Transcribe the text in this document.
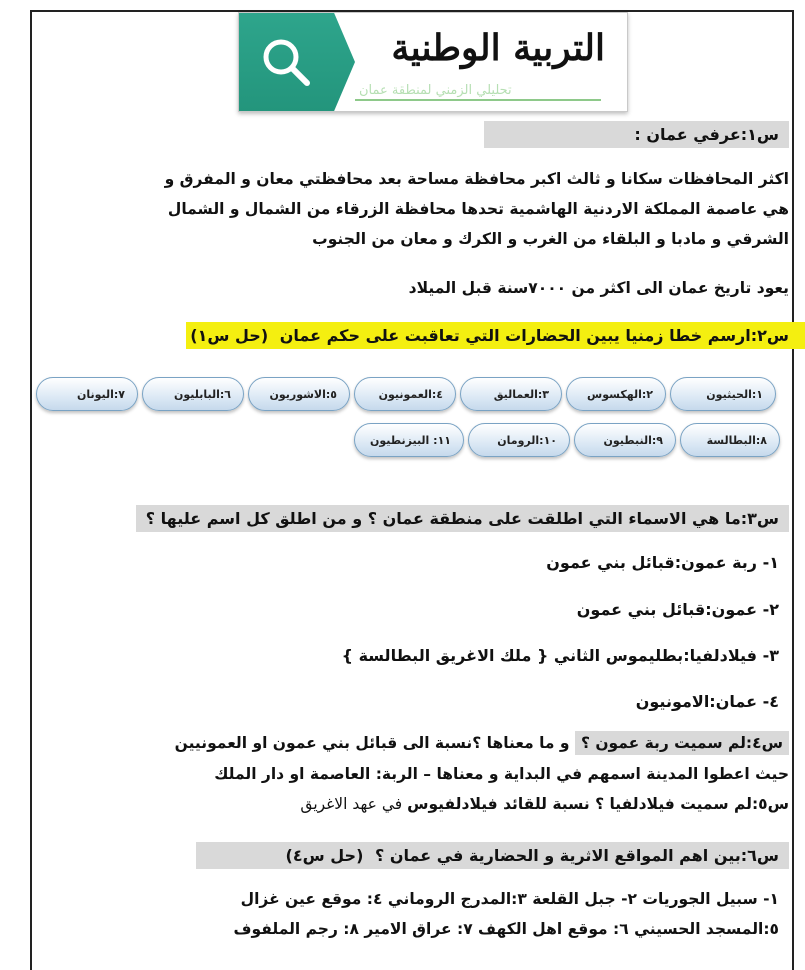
التربية الوطنية
تحليلي الزمني لمنطقة عمان
س١:عرفي عمان :
اكثر المحافظات سكانا و ثالث اكبر محافظة مساحة بعد محافظتي معان و المفرق و
هي عاصمة المملكة الاردنية الهاشمية تحدها محافظة الزرقاء من الشمال و الشمال
الشرقي و مادبا و البلقاء من الغرب و الكرك و معان من الجنوب
يعود تاريخ عمان الى اكثر من ٧٠٠٠سنة قبل الميلاد
س٢:ارسم خطا زمنيا يبين الحضارات التي تعاقبت على حكم عمان (حل س١)
١:الحيثيون
٢:الهكسوس
٣:العماليق
٤:العمونيون
٥:الاشوريون
٦:البابليون
٧:اليونان
٨:البطالسة
٩:النبطيون
١٠:الرومان
١١: البيزنطيون
س٣:ما هي الاسماء التي اطلقت على منطقة عمان ؟ و من اطلق كل اسم عليها ؟
١- ربة عمون:قبائل بني عمون
٢- عمون:قبائل بني عمون
٣- فيلادلفيا:بطليموس الثاني { ملك الاغريق البطالسة }
٤- عمان:الامونيون
س٤:لم سميت ربة عمون ؟ و ما معناها ؟نسبة الى قبائل بني عمون او العمونيين
حيث اعطوا المدينة اسمهم في البداية و معناها – الربة: العاصمة او دار الملك
س٥:لم سميت فيلادلفيا ؟ نسبة للقائد فيلادلفيوس في عهد الاغريق
س٦:بين اهم المواقع الاثرية و الحضارية في عمان ؟ (حل س٤)
١- سبيل الجوريات ٢- جبل القلعة ٣:المدرج الروماني ٤: موقع عين غزال
٥:المسجد الحسيني ٦: موقع اهل الكهف ٧: عراق الامير ٨: رجم الملفوف
